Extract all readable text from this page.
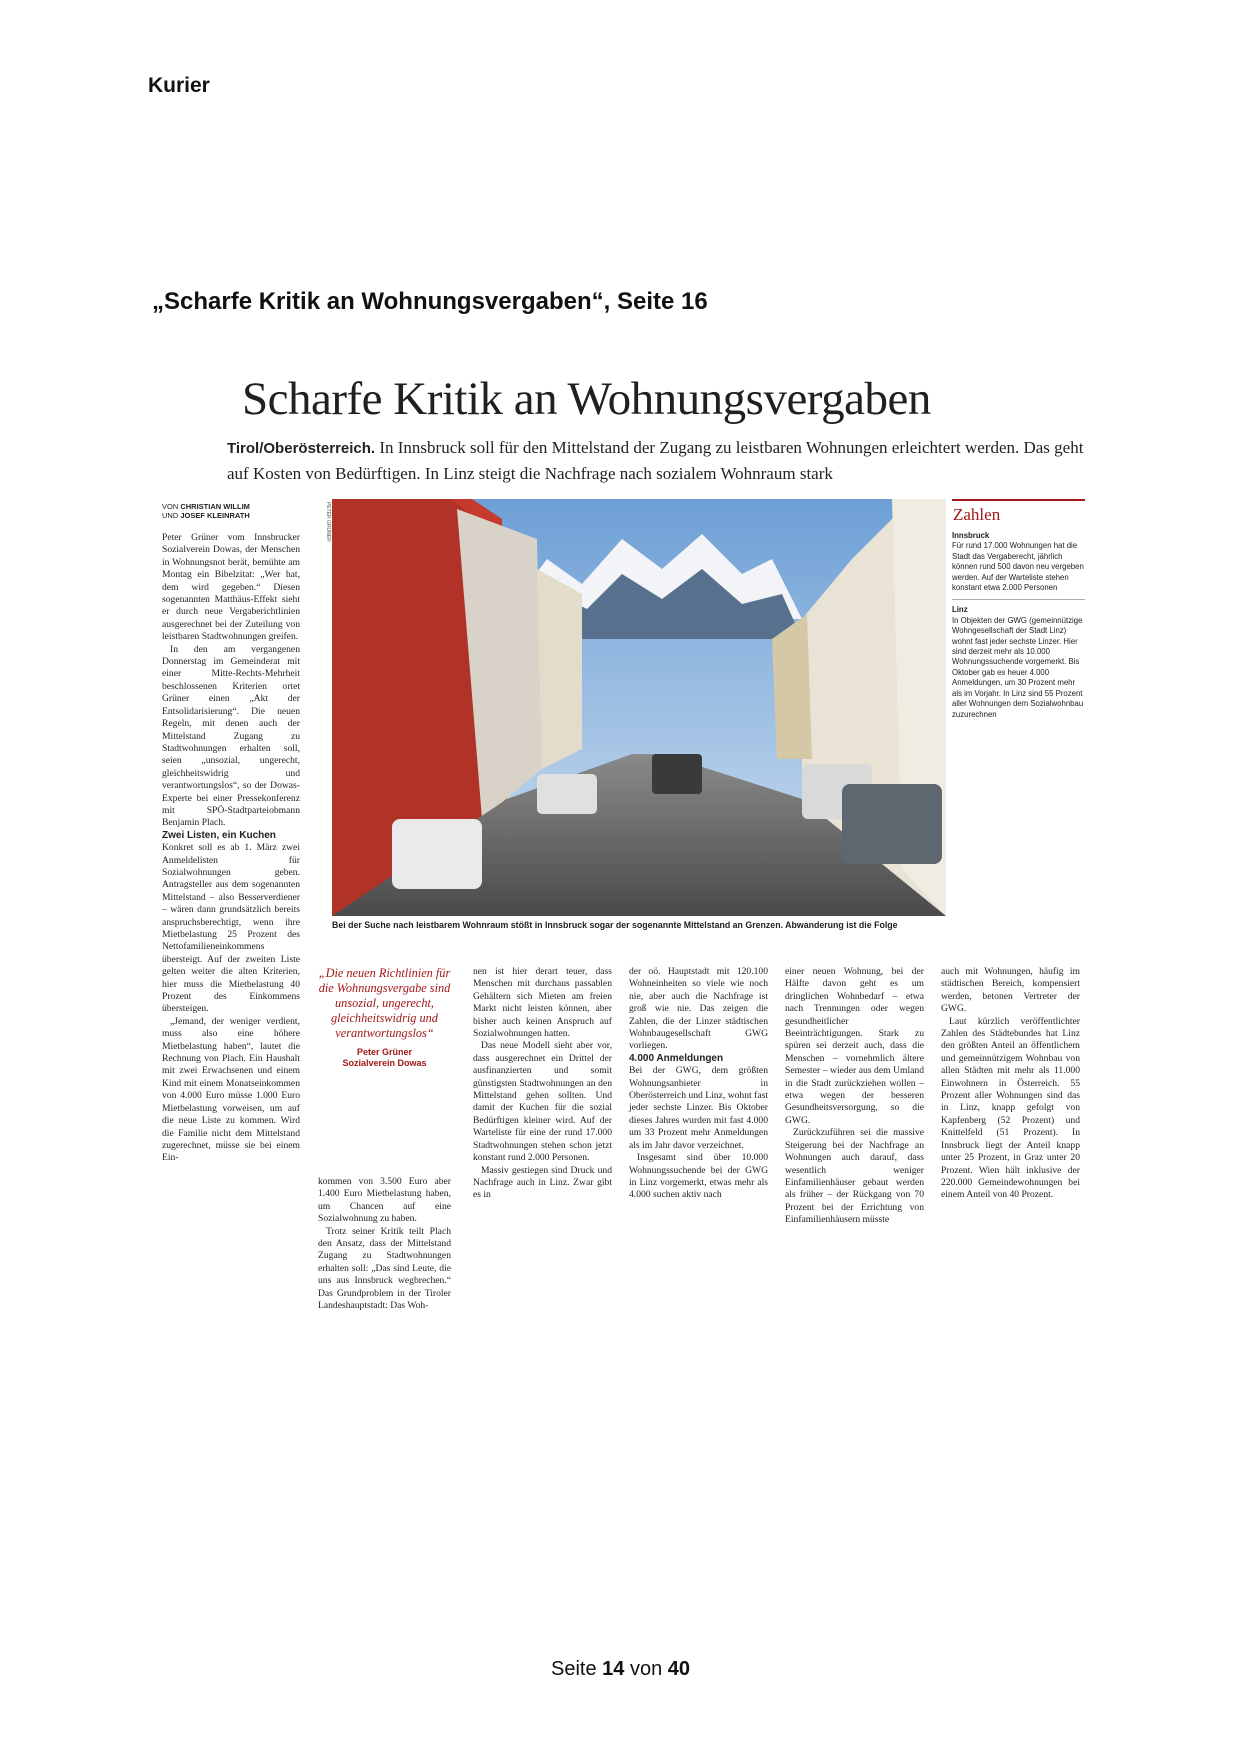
Kurier
„Scharfe Kritik an Wohnungsvergaben“, Seite 16
Scharfe Kritik an Wohnungsvergaben
Tirol/Oberösterreich. In Innsbruck soll für den Mittelstand der Zugang zu leistbaren Wohnungen erleichtert werden. Das geht auf Kosten von Bedürftigen. In Linz steigt die Nachfrage nach sozialem Wohnraum stark
VON CHRISTIAN WILLIM
UND JOSEF KLEINRATH

Peter Grüner vom Innsbrucker Sozialverein Dowas, der Menschen in Wohnungsnot berät, bemühte am Montag ein Bibelzitat: „Wer hat, dem wird gegeben.“ Diesen sogenannten Matthäus-Effekt sieht er durch neue Vergaberichtlinien ausgerechnet bei der Zuteilung von leistbaren Stadtwohnungen greifen.

In den am vergangenen Donnerstag im Gemeinderat mit einer Mitte-Rechts-Mehrheit beschlossenen Kriterien ortet Grüner einen „Akt der Entsolidarisierung“. Die neuen Regeln, mit denen auch der Mittelstand Zugang zu Stadtwohnungen erhalten soll, seien „unsozial, ungerecht, gleichheitswidrig und verantwortungslos“, so der Dowas-Experte bei einer Pressekonferenz mit SPÖ-Stadtparteiobmann Benjamin Plach.

Zwei Listen, ein Kuchen

Konkret soll es ab 1. März zwei Anmeldelisten für Sozialwohnungen geben. Antragsteller aus dem sogenannten Mittelstand – also Besserverdiener – wären dann grundsätzlich bereits anspruchsberechtigt, wenn ihre Mietbelastung 25 Prozent des Nettofamilieneinkommens übersteigt. Auf der zweiten Liste gelten weiter die alten Kriterien, hier muss die Mietbelastung 40 Prozent des Einkommens übersteigen.

„Jemand, der weniger verdient, muss also eine höhere Mietbelastung haben“, lautet die Rechnung von Plach. Ein Haushalt mit zwei Erwachsenen und einem Kind mit einem Monatseinkommen von 4.000 Euro müsse 1.000 Euro Mietbelastung vorweisen, um auf die neue Liste zu kommen. Wird die Familie nicht dem Mittelstand zugerechnet, müsse sie bei einem Ein-

PETER GRÜNER
Bei der Suche nach leistbarem Wohnraum stößt in Innsbruck sogar der sogenannte Mittelstand an Grenzen. Abwanderung ist die Folge
Zahlen
Innsbruck
Für rund 17.000 Wohnungen hat die Stadt das Vergaberecht, jährlich können rund 500 davon neu vergeben werden. Auf der Warteliste stehen konstant etwa 2.000 Personen
Linz
In Objekten der GWG (gemeinnützige Wohngesellschaft der Stadt Linz) wohnt fast jeder sechste Linzer. Hier sind derzeit mehr als 10.000 Wohnungssuchende vorgemerkt. Bis Oktober gab es heuer 4.000 Anmeldungen, um 30 Prozent mehr als im Vorjahr. In Linz sind 55 Prozent aller Wohnungen dem Sozialwohnbau zuzurechnen
„Die neuen Richtlinien für die Wohnungsvergabe sind unsozial, ungerecht, gleichheitswidrig und verantwortungslos“
Peter Grüner
Sozialverein Dowas

kommen von 3.500 Euro aber 1.400 Euro Mietbelastung haben, um Chancen auf eine Sozialwohnung zu haben.

Trotz seiner Kritik teilt Plach den Ansatz, dass der Mittelstand Zugang zu Stadtwohnungen erhalten soll: „Das sind Leute, die uns aus Innsbruck wegbrechen.“ Das Grundproblem in der Tiroler Landeshauptstadt: Das Woh-

nen ist hier derart teuer, dass Menschen mit durchaus passablen Gehältern sich Mieten am freien Markt nicht leisten können, aber bisher auch keinen Anspruch auf Sozialwohnungen hatten.

Das neue Modell sieht aber vor, dass ausgerechnet ein Drittel der ausfinanzierten und somit günstigsten Stadtwohnungen an den Mittelstand gehen sollten. Und damit der Kuchen für die sozial Bedürftigen kleiner wird. Auf der Warteliste für eine der rund 17.000 Stadtwohnungen stehen schon jetzt konstant rund 2.000 Personen.

Massiv gestiegen sind Druck und Nachfrage auch in Linz. Zwar gibt es in

der oö. Hauptstadt mit 120.100 Wohneinheiten so viele wie noch nie, aber auch die Nachfrage ist groß wie nie. Das zeigen die Zahlen, die der Linzer städtischen Wohnbaugesellschaft GWG vorliegen.

4.000 Anmeldungen

Bei der GWG, dem größten Wohnungsanbieter in Oberösterreich und Linz, wohnt fast jeder sechste Linzer. Bis Oktober dieses Jahres wurden mit fast 4.000 um 33 Prozent mehr Anmeldungen als im Jahr davor verzeichnet.

Insgesamt sind über 10.000 Wohnungssuchende bei der GWG in Linz vorgemerkt, etwas mehr als 4.000 suchen aktiv nach

einer neuen Wohnung, bei der Hälfte davon geht es um dringlichen Wohnbedarf – etwa nach Trennungen oder wegen gesundheitlicher Beeinträchtigungen. Stark zu spüren sei derzeit auch, dass die Menschen – vornehmlich ältere Semester – wieder aus dem Umland in die Stadt zurückziehen wollen – etwa wegen der besseren Gesundheitsversorgung, so die GWG.

Zurückzuführen sei die massive Steigerung bei der Nachfrage an Wohnungen auch darauf, dass wesentlich weniger Einfamilienhäuser gebaut werden als früher – der Rückgang von 70 Prozent bei der Errichtung von Einfamilienhäusern müsste

auch mit Wohnungen, häufig im städtischen Bereich, kompensiert werden, betonen Vertreter der GWG.

Laut kürzlich veröffentlichter Zahlen des Städtebundes hat Linz den größten Anteil an öffentlichem und gemeinnützigem Wohnbau von allen Städten mit mehr als 11.000 Einwohnern in Österreich. 55 Prozent aller Wohnungen sind das in Linz, knapp gefolgt von Kapfenberg (52 Prozent) und Knittelfeld (51 Prozent). In Innsbruck liegt der Anteil knapp unter 25 Prozent, in Graz unter 20 Prozent. Wien hält inklusive der 220.000 Gemeindewohnungen bei einem Anteil von 40 Prozent.

Seite 14 von 40
